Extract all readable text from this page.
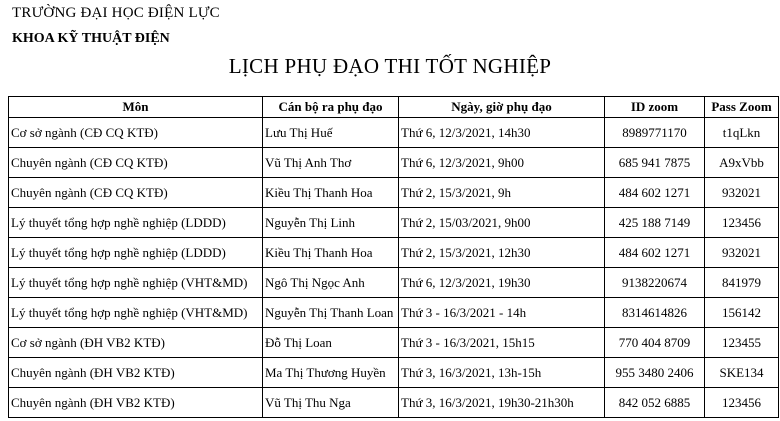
TRƯỜNG ĐẠI HỌC ĐIỆN LỰC
KHOA KỸ THUẬT ĐIỆN
LỊCH PHỤ ĐẠO THI TỐT NGHIỆP
Môn	Cán bộ ra phụ đạo	Ngày, giờ phụ đạo	ID zoom	Pass Zoom
Cơ sở ngành (CĐ CQ KTĐ)	Lưu Thị Huế	Thứ 6, 12/3/2021, 14h30	8989771170	t1qLkn
Chuyên ngành (CĐ CQ KTĐ)	Vũ Thị Anh Thơ	Thứ 6, 12/3/2021, 9h00	685 941 7875	A9xVbb
Chuyên ngành (CĐ CQ KTĐ)	Kiều Thị Thanh Hoa	Thứ 2, 15/3/2021, 9h	484 602 1271	932021
Lý thuyết tổng hợp nghề nghiệp (LDDD)	Nguyễn Thị Linh	Thứ 2, 15/03/2021, 9h00	425 188 7149	123456
Lý thuyết tổng hợp nghề nghiệp (LDDD)	Kiều Thị Thanh Hoa	Thứ 2, 15/3/2021, 12h30	484 602 1271	932021
Lý thuyết tổng hợp nghề nghiệp (VHT&MD)	Ngô Thị Ngọc Anh	Thứ 6, 12/3/2021, 19h30	9138220674	841979
Lý thuyết tổng hợp nghề nghiệp (VHT&MD)	Nguyễn Thị Thanh Loan	Thứ 3 - 16/3/2021 - 14h	8314614826	156142
Cơ sở ngành (ĐH VB2 KTĐ)	Đỗ Thị Loan	Thứ 3 - 16/3/2021, 15h15	770 404 8709	123455
Chuyên ngành (ĐH VB2 KTĐ)	Ma Thị Thương Huyền	Thứ 3, 16/3/2021, 13h-15h	955 3480 2406	SKE134
Chuyên ngành (ĐH VB2 KTĐ)	Vũ Thị Thu Nga	Thứ 3, 16/3/2021, 19h30-21h30h	842 052 6885	123456
